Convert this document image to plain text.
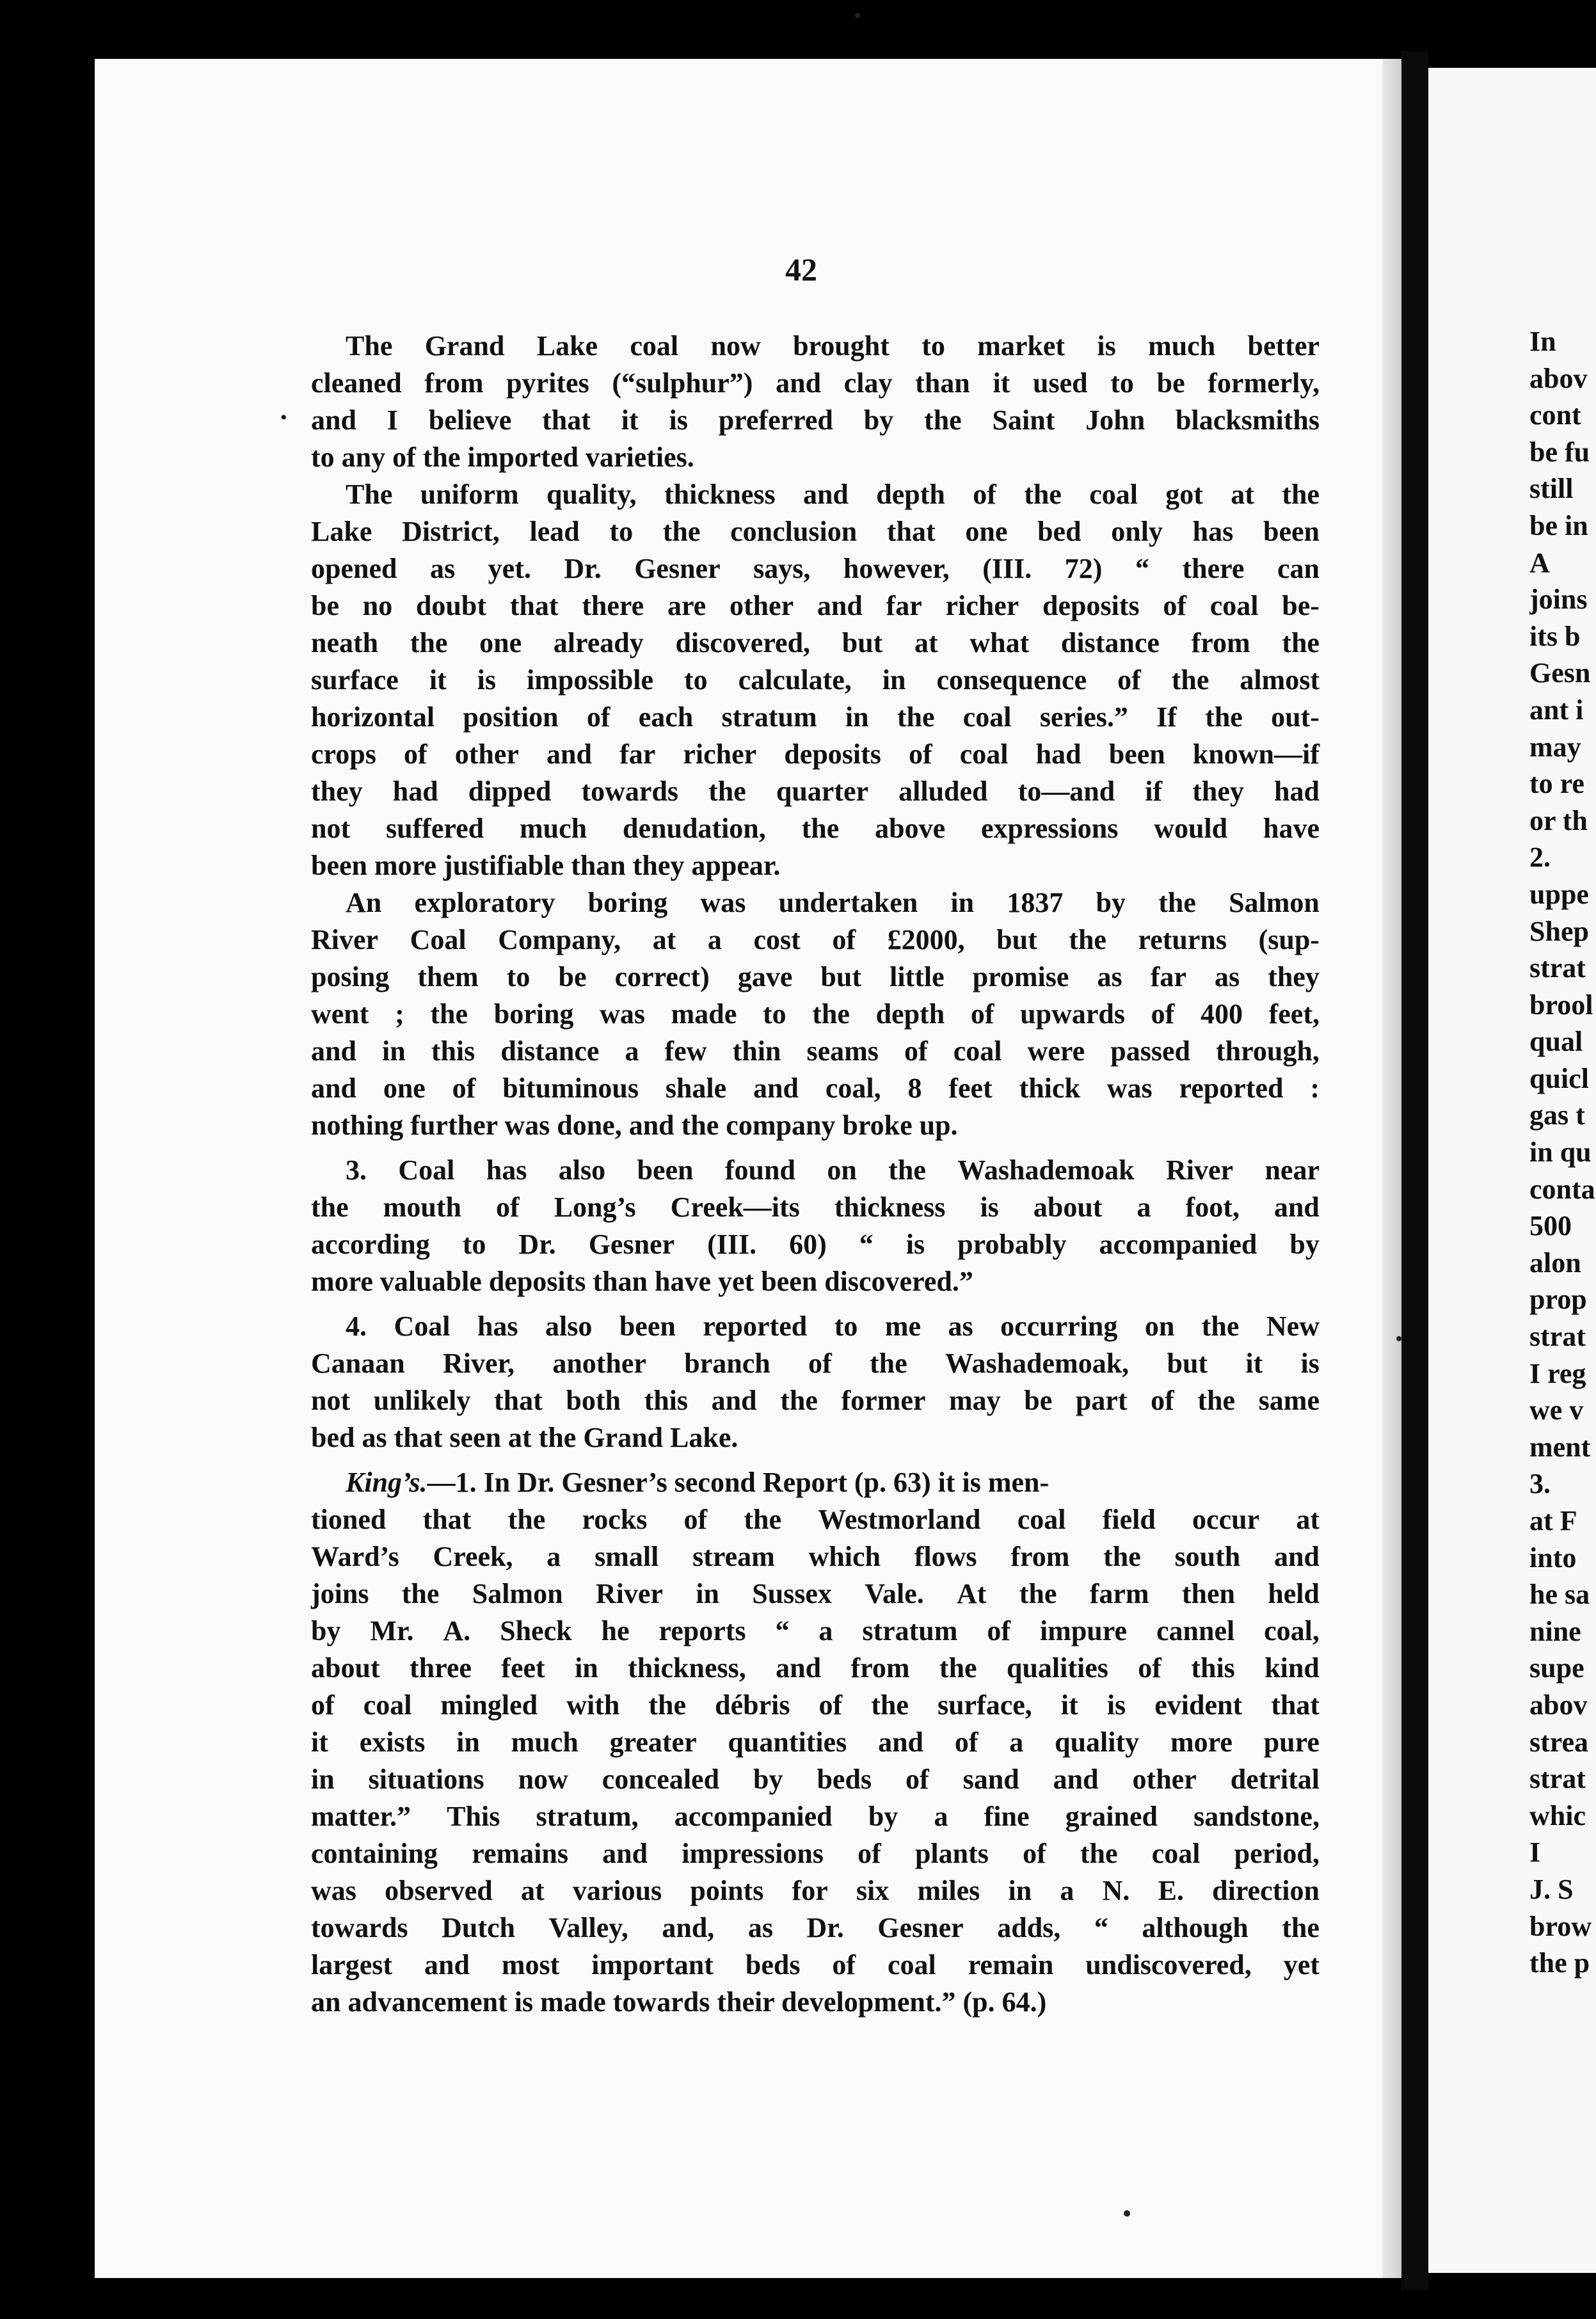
42
•
The Grand Lake coal now brought to market is much better
cleaned from pyrites (“sulphur”) and clay than it used to be formerly,
and I believe that it is preferred by the Saint John blacksmiths
to any of the imported varieties.
The uniform quality, thickness and depth of the coal got at the
Lake District, lead to the conclusion that one bed only has been
opened as yet. Dr. Gesner says, however, (III. 72) “ there can
be no doubt that there are other and far richer deposits of coal be-
neath the one already discovered, but at what distance from the
surface it is impossible to calculate, in consequence of the almost
horizontal position of each stratum in the coal series.” If the out-
crops of other and far richer deposits of coal had been known—if
they had dipped towards the quarter alluded to—and if they had
not suffered much denudation, the above expressions would have
been more justifiable than they appear.
An exploratory boring was undertaken in 1837 by the Salmon
River Coal Company, at a cost of £2000, but the returns (sup-
posing them to be correct) gave but little promise as far as they
went ; the boring was made to the depth of upwards of 400 feet,
and in this distance a few thin seams of coal were passed through,
and one of bituminous shale and coal, 8 feet thick was reported :
nothing further was done, and the company broke up.
3. Coal has also been found on the Washademoak River near
the mouth of Long’s Creek—its thickness is about a foot, and
according to Dr. Gesner (III. 60) “ is probably accompanied by
more valuable deposits than have yet been discovered.”
4. Coal has also been reported to me as occurring on the New
Canaan River, another branch of the Washademoak, but it is
not unlikely that both this and the former may be part of the same
bed as that seen at the Grand Lake.
King’s. —1. In Dr. Gesner’s second Report (p. 63) it is men-
tioned that the rocks of the Westmorland coal field occur at
Ward’s Creek, a small stream which flows from the south and
joins the Salmon River in Sussex Vale. At the farm then held
by Mr. A. Sheck he reports “ a stratum of impure cannel coal,
about three feet in thickness, and from the qualities of this kind
of coal mingled with the débris of the surface, it is evident that
it exists in much greater quantities and of a quality more pure
in situations now concealed by beds of sand and other detrital
matter.” This stratum, accompanied by a fine grained sandstone,
containing remains and impressions of plants of the coal period,
was observed at various points for six miles in a N. E. direction
towards Dutch Valley, and, as Dr. Gesner adds, “ although the
largest and most important beds of coal remain undiscovered, yet
an advancement is made towards their development.” (p. 64.)
In
abov
cont
be fu
still
be in
A
joins
its b
Gesn
ant i
may
to re
or th
2.
uppe
Shep
strat
brool
qual
quicl
gas t
in qu
conta
500
alon
prop
strat
I reg
we v
ment
3.
at F
into
he sa
nine
supe
abov
strea
strat
whic
I
J. S
brow
the p
